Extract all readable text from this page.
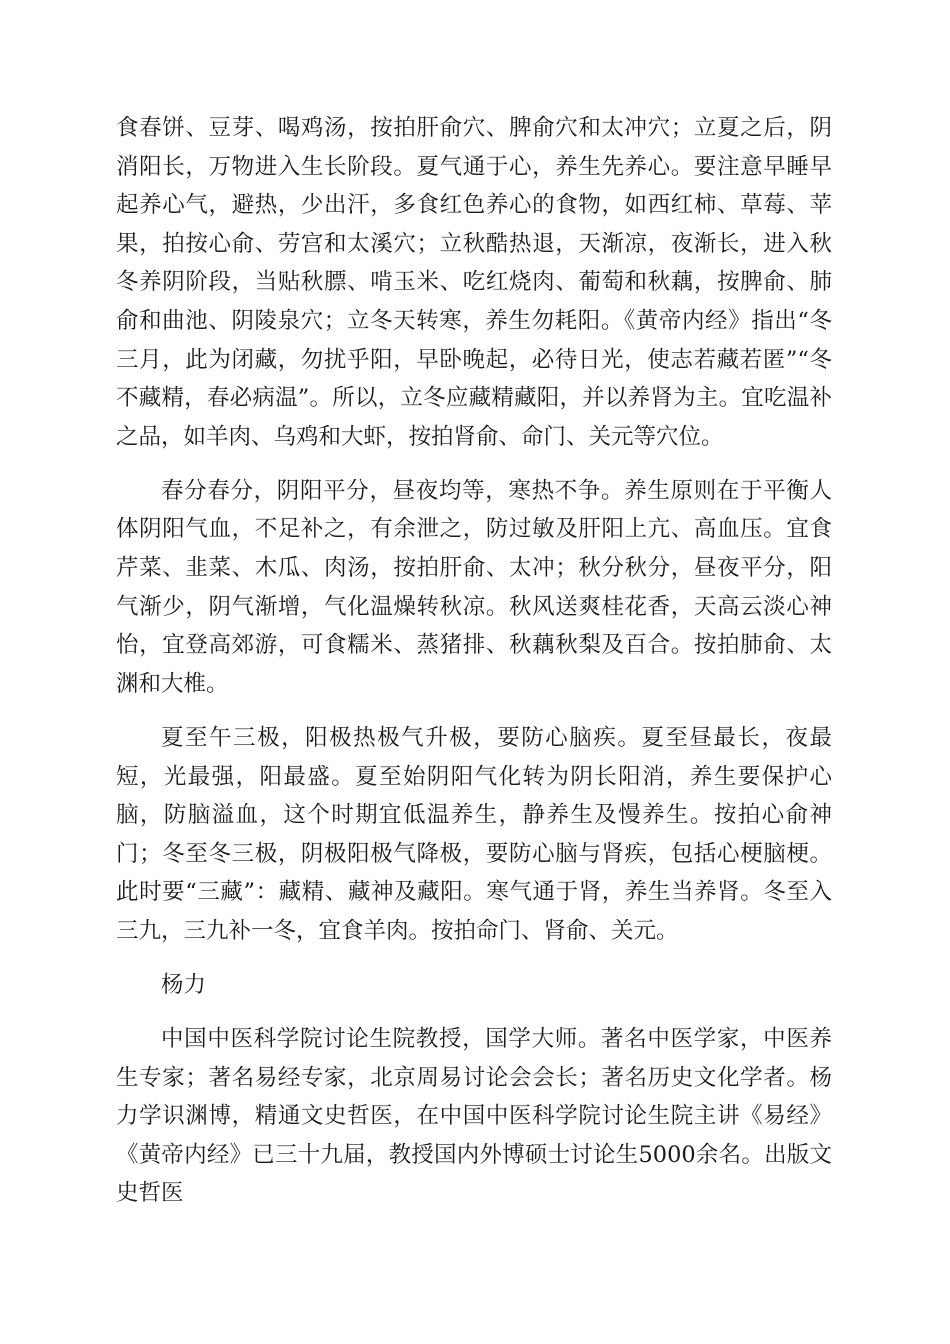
食春饼、豆芽、喝鸡汤，按拍肝俞穴、脾俞穴和太冲穴；立夏之后，阴消阳长，万物进入生长阶段。夏气通于心，养生先养心。要注意早睡早起养心气，避热，少出汗，多食红色养心的食物，如西红柿、草莓、苹果，拍按心俞、劳宫和太溪穴；立秋酷热退，天渐凉，夜渐长，进入秋冬养阴阶段，当贴秋膘、啃玉米、吃红烧肉、葡萄和秋藕，按脾俞、肺俞和曲池、阴陵泉穴；立冬天转寒，养生勿耗阳。《黄帝内经》指出“冬三月，此为闭藏，勿扰乎阳，早卧晚起，必待日光，使志若藏若匿”“冬不藏精，春必病温”。所以，立冬应藏精藏阳，并以养肾为主。宜吃温补之品，如羊肉、乌鸡和大虾，按拍肾俞、命门、关元等穴位。

春分春分，阴阳平分，昼夜均等，寒热不争。养生原则在于平衡人体阴阳气血，不足补之，有余泄之，防过敏及肝阳上亢、高血压。宜食芹菜、韭菜、木瓜、肉汤，按拍肝俞、太冲；秋分秋分，昼夜平分，阳气渐少，阴气渐增，气化温燥转秋凉。秋风送爽桂花香，天高云淡心神怡，宜登高郊游，可食糯米、蒸猪排、秋藕秋梨及百合。按拍肺俞、太渊和大椎。

夏至午三极，阳极热极气升极，要防心脑疾。夏至昼最长，夜最短，光最强，阳最盛。夏至始阴阳气化转为阴长阳消，养生要保护心脑，防脑溢血，这个时期宜低温养生，静养生及慢养生。按拍心俞神门；冬至冬三极，阴极阳极气降极，要防心脑与肾疾，包括心梗脑梗。此时要“三藏”：藏精、藏神及藏阳。寒气通于肾，养生当养肾。冬至入三九，三九补一冬，宜食羊肉。按拍命门、肾俞、关元。

杨力

中国中医科学院讨论生院教授，国学大师。著名中医学家，中医养生专家；著名易经专家，北京周易讨论会会长；著名历史文化学者。杨力学识渊博，精通文史哲医，在中国中医科学院讨论生院主讲《易经》《黄帝内经》已三十九届，教授国内外博硕士讨论生5000余名。出版文史哲医
